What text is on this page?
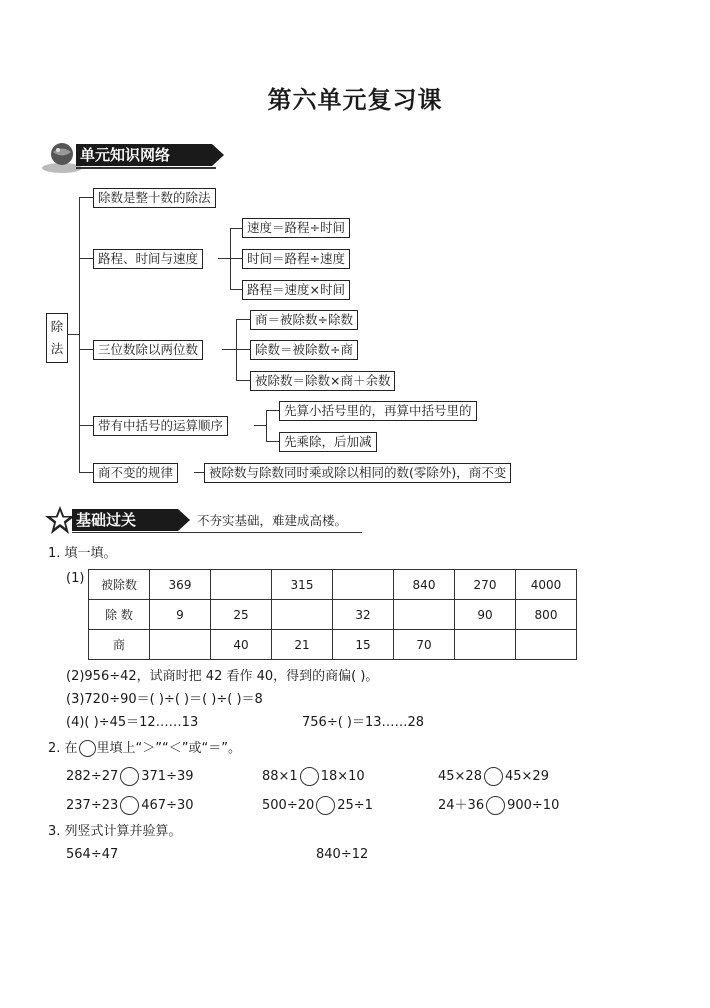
第六单元复习课
单元知识网络
除法
除数是整十数的除法
路程、时间与速度
速度＝路程÷时间
时间＝路程÷速度
路程＝速度×时间
三位数除以两位数
商＝被除数÷除数
除数＝被除数÷商
被除数＝除数×商＋余数
带有中括号的运算顺序
先算小括号里的，再算中括号里的
先乘除，后加减
商不变的规律	被除数与除数同时乘或除以相同的数(零除外)，商不变
基础过关	不夯实基础，难建成高楼。
1. 填一填。
(1) 被除数	369		315		840	270	4000
除 数	9	25		32		90	800
商		40	21	15	70		
(2)956÷42，试商时把 42 看作 40，得到的商偏( )。
(3)720÷90＝( )÷( )＝( )÷( )＝8
(4)( )÷45＝12……13	756÷( )＝13……28
2. 在 里填上“＞”“＜”或“＝”。
282÷27 371÷39	88×1 18×10	45×28 45×29
237÷23 467÷30	500÷20 25÷1	24＋36 900÷10
3. 列竖式计算并验算。
564÷47	840÷12
